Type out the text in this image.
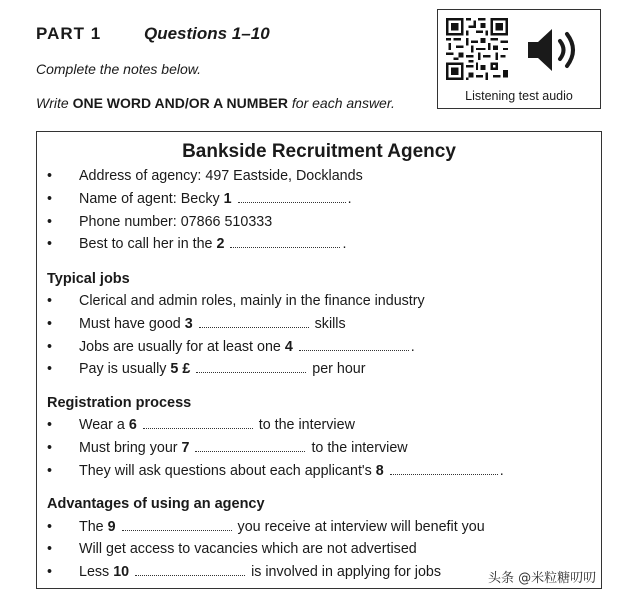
PART 1	Questions 1–10
Complete the notes below.
Write ONE WORD AND/OR A NUMBER for each answer.	Listening test audio
Bankside Recruitment Agency
• Address of agency: 497 Eastside, Docklands
• Name of agent: Becky 1	.
• Phone number: 07866 510333
• Best to call her in the 2	.
Typical jobs
• Clerical and admin roles, mainly in the finance industry
• Must have good 3	skills
• Jobs are usually for at least one 4	.
• Pay is usually 5 £	per hour
Registration process
• Wear a 6	to the interview
• Must bring your 7	to the interview
• They will ask questions about each applicant's 8	.
Advantages of using an agency
• The 9	you receive at interview will benefit you
• Will get access to vacancies which are not advertised
• Less 10	is involved in applying for jobs	头条 @米粒糖叨叨
